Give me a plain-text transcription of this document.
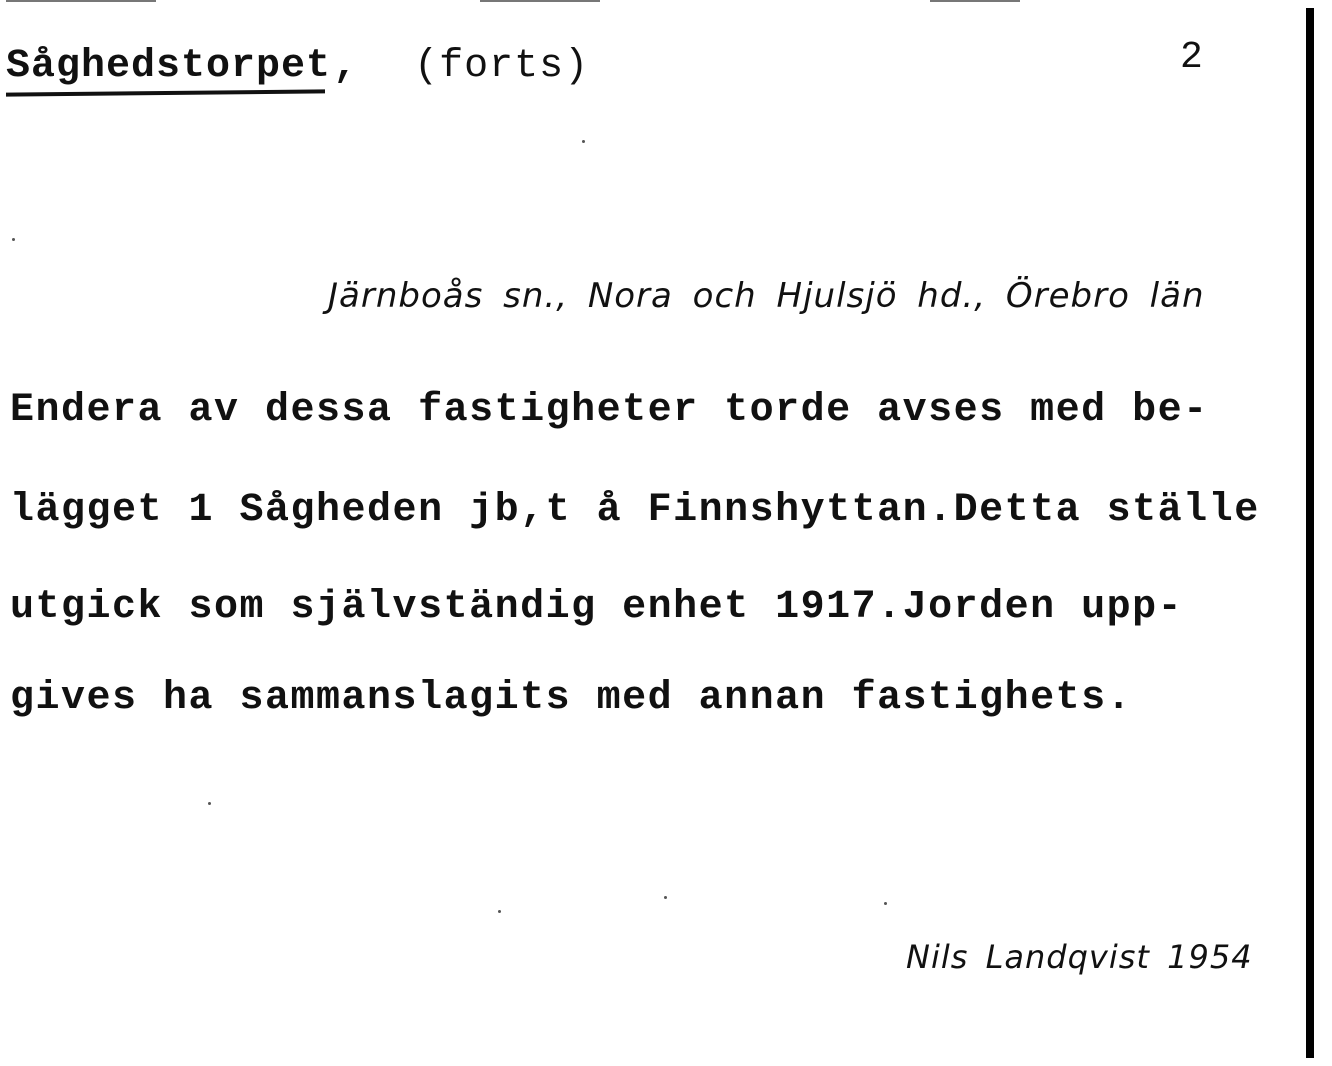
Såghedstorpet
, (forts)	2
Järnboås sn., Nora och Hjulsjö hd., Örebro län
Endera av dessa fastigheter torde avses med be-
lägget 1 Sågheden jb,t å Finnshyttan.Detta ställe
utgick som självständig enhet 1917.Jorden upp-
gives ha sammanslagits med annan fastighets.
Nils Landqvist 1954
